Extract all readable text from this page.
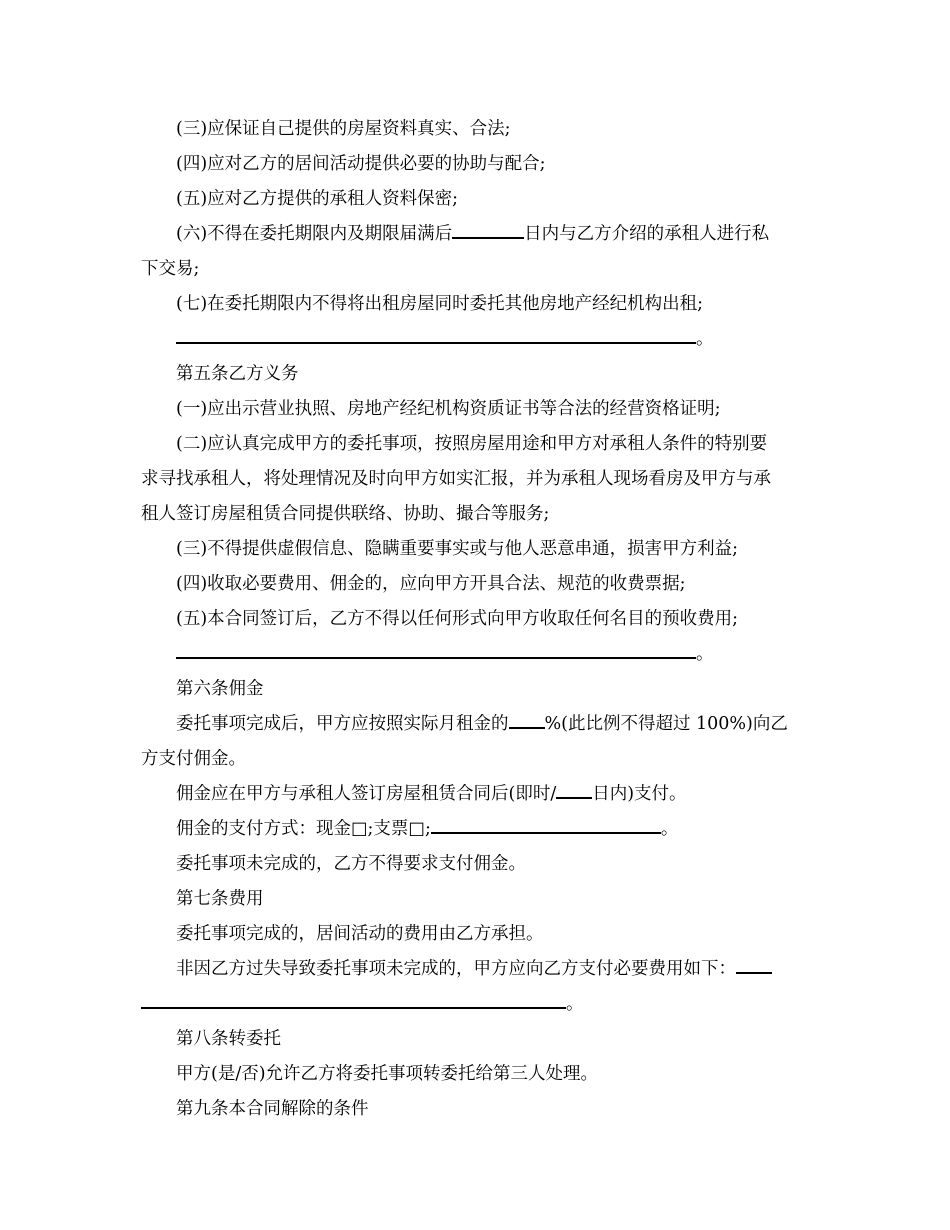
(三)应保证自己提供的房屋资料真实、合法;
(四)应对乙方的居间活动提供必要的协助与配合;
(五)应对乙方提供的承租人资料保密;
(六)不得在委托期限内及期限届满后	日内与乙方介绍的承租人进行私
下交易;
(七)在委托期限内不得将出租房屋同时委托其他房地产经纪机构出租;
。
第五条乙方义务
(一)应出示营业执照、房地产经纪机构资质证书等合法的经营资格证明;
(二)应认真完成甲方的委托事项，按照房屋用途和甲方对承租人条件的特别要
求寻找承租人，将处理情况及时向甲方如实汇报，并为承租人现场看房及甲方与承
租人签订房屋租赁合同提供联络、协助、撮合等服务;
(三)不得提供虚假信息、隐瞒重要事实或与他人恶意串通，损害甲方利益;
(四)收取必要费用、佣金的，应向甲方开具合法、规范的收费票据;
(五)本合同签订后，乙方不得以任何形式向甲方收取任何名目的预收费用;
。
第六条佣金
委托事项完成后，甲方应按照实际月租金的 %(此比例不得超过 100%)向乙
方支付佣金。
佣金应在甲方与承租人签订房屋租赁合同后(即时/ 日内)支付。
佣金的支付方式：现金□;支票□;	。
委托事项未完成的，乙方不得要求支付佣金。
第七条费用
委托事项完成的，居间活动的费用由乙方承担。
非因乙方过失导致委托事项未完成的，甲方应向乙方支付必要费用如下：
。
第八条转委托
甲方(是/否)允许乙方将委托事项转委托给第三人处理。
第九条本合同解除的条件
